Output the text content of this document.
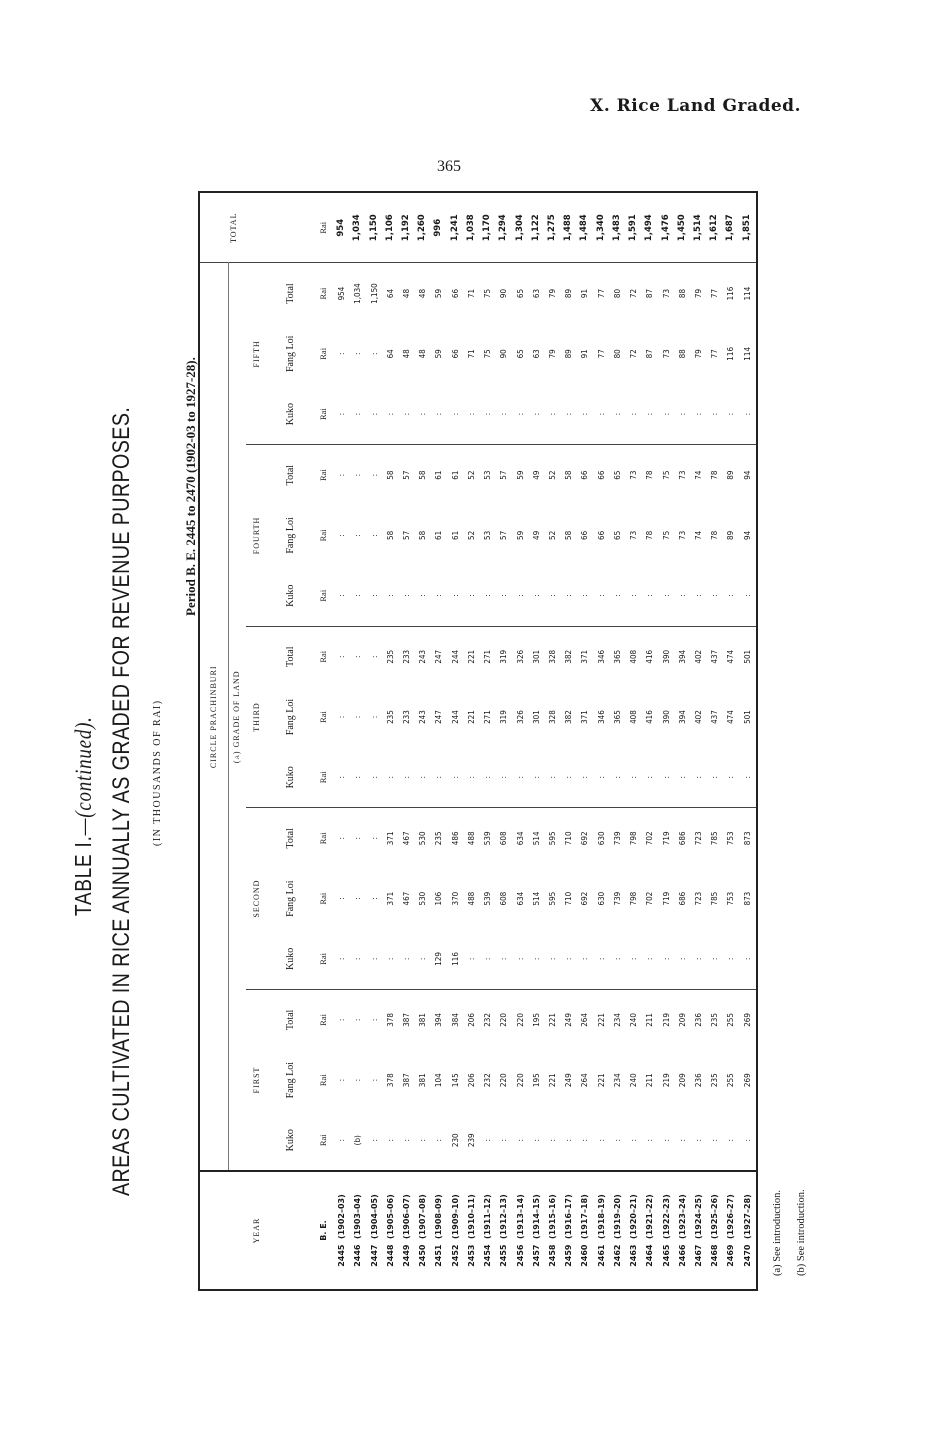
X. Rice Land Graded.
365
TABLE I.—(continued). AREAS CULTIVATED IN RICE ANNUALLY AS GRADED FOR REVENUE PURPOSES. (IN THOUSANDS OF RAI)
Period B. E. 2445 to 2470 (1902-03 to 1927-28).
YEAR	CIRCLE PRACHINBURI															TOTAL
	(a) GRADE OF LAND															
	FIRST			SECOND			THIRD			FOURTH			FIFTH			
	Kuko	Fang Loi	Total	Kuko	Fang Loi	Total	Kuko	Fang Loi	Total	Kuko	Fang Loi	Total	Kuko	Fang Loi	Total	
B. E.	Rai	Rai	Rai	Rai	Rai	Rai	Rai	Rai	Rai	Rai	Rai	Rai	Rai	Rai	Rai	Rai
2445  (1902–03)	:	:	:	:	:	:	:	:	:	:	:	:	:	:	954	954
2446  (1903–04)	(b)	:	:	:	:	:	:	:	:	:	:	:	:	:	1,034	1,034
2447  (1904–05)	:	:	:	:	:	:	:	:	:	:	:	:	:	:	1,150	1,150
2448  (1905–06)	:	378	378	:	371	371	:	235	235	:	58	58	:	64	64	1,106
2449  (1906–07)	:	387	387	:	467	467	:	233	233	:	57	57	:	48	48	1,192
2450  (1907–08)	:	381	381	:	530	530	:	243	243	:	58	58	:	48	48	1,260
2451  (1908–09)	:	104	394	129	106	235	:	247	247	:	61	61	:	59	59	996
2452  (1909–10)	230	145	384	116	370	486	:	244	244	:	61	61	:	66	66	1,241
2453  (1910–11)	239	206	206	:	488	488	:	221	221	:	52	52	:	71	71	1,038
2454  (1911–12)	:	232	232	:	539	539	:	271	271	:	53	53	:	75	75	1,170
2455  (1912–13)	:	220	220	:	608	608	:	319	319	:	57	57	:	90	90	1,294
2456  (1913–14)	:	220	220	:	634	634	:	326	326	:	59	59	:	65	65	1,304
2457  (1914–15)	:	195	195	:	514	514	:	301	301	:	49	49	:	63	63	1,122
2458  (1915–16)	:	221	221	:	595	595	:	328	328	:	52	52	:	79	79	1,275
2459  (1916–17)	:	249	249	:	710	710	:	382	382	:	58	58	:	89	89	1,488
2460  (1917–18)	:	264	264	:	692	692	:	371	371	:	66	66	:	91	91	1,484
2461  (1918–19)	:	221	221	:	630	630	:	346	346	:	66	66	:	77	77	1,340
2462  (1919–20)	:	234	234	:	739	739	:	365	365	:	65	65	:	80	80	1,483
2463  (1920–21)	:	240	240	:	798	798	:	408	408	:	73	73	:	72	72	1,591
2464  (1921–22)	:	211	211	:	702	702	:	416	416	:	78	78	:	87	87	1,494
2465  (1922–23)	:	219	219	:	719	719	:	390	390	:	75	75	:	73	73	1,476
2466  (1923–24)	:	209	209	:	686	686	:	394	394	:	73	73	:	88	88	1,450
2467  (1924–25)	:	236	236	:	723	723	:	402	402	:	74	74	:	79	79	1,514
2468  (1925–26)	:	235	235	:	785	785	:	437	437	:	78	78	:	77	77	1,612
2469  (1926–27)	:	255	255	:	753	753	:	474	474	:	89	89	:	116	116	1,687
2470  (1927–28)	:	269	269	:	873	873	:	501	501	:	94	94	:	114	114	1,851
(a) See introduction. (b) See introduction.
